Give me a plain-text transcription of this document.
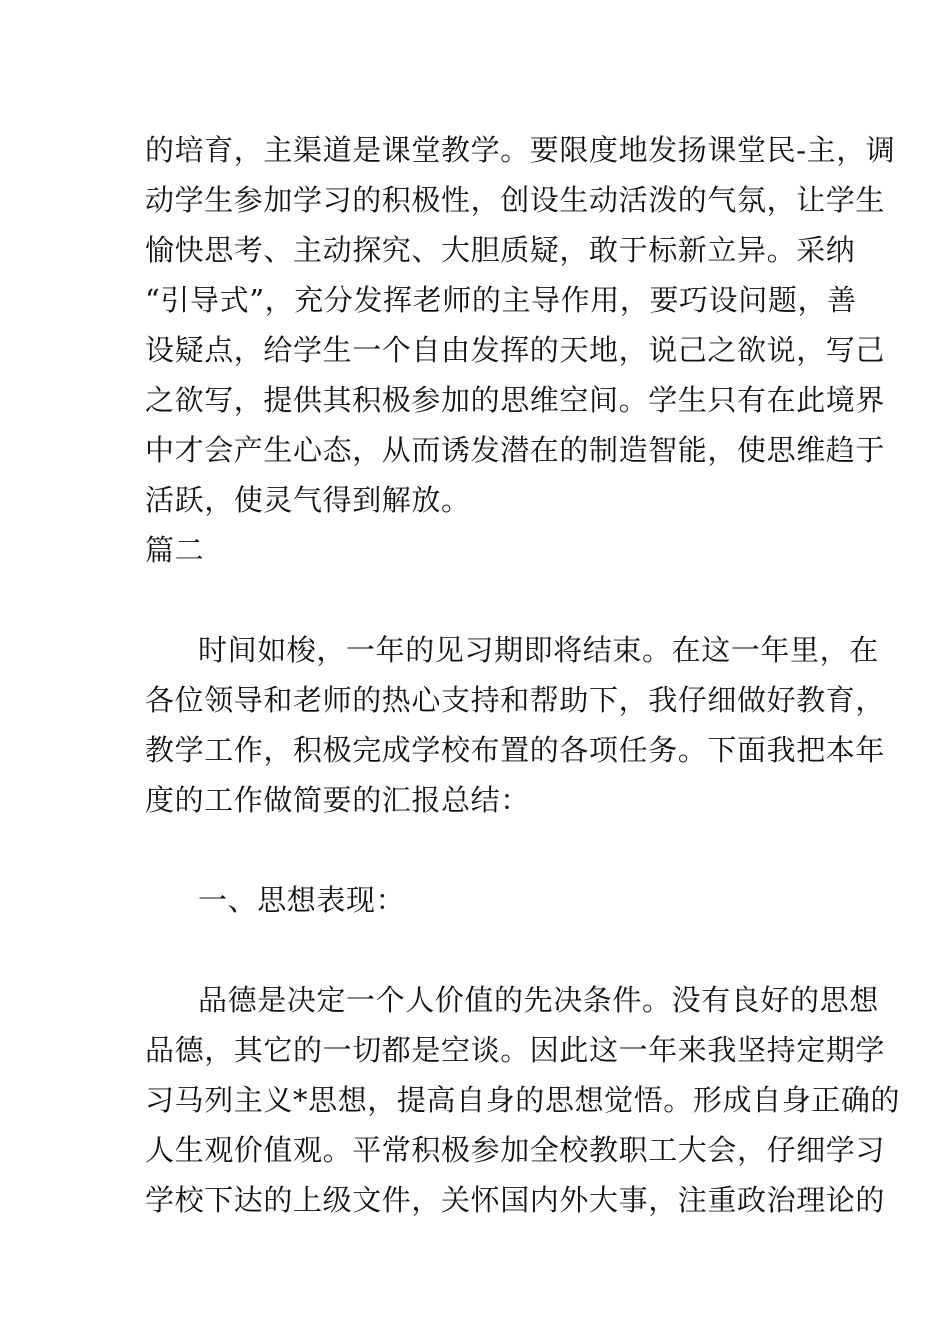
的培育，主渠道是课堂教学。要限度地发扬课堂民-主，调
动学生参加学习的积极性，创设生动活泼的气氛，让学生
愉快思考、主动探究、大胆质疑，敢于标新立异。采纳
“引导式”，充分发挥老师的主导作用，要巧设问题，善
设疑点，给学生一个自由发挥的天地，说己之欲说，写己
之欲写，提供其积极参加的思维空间。学生只有在此境界
中才会产生心态，从而诱发潜在的制造智能，使思维趋于
活跃，使灵气得到解放。
篇二
时间如梭，一年的见习期即将结束。在这一年里，在
各位领导和老师的热心支持和帮助下，我仔细做好教育，
教学工作，积极完成学校布置的各项任务。下面我把本年
度的工作做简要的汇报总结：
一、思想表现：
品德是决定一个人价值的先决条件。没有良好的思想
品德，其它的一切都是空谈。因此这一年来我坚持定期学
习马列主义*思想，提高自身的思想觉悟。形成自身正确的
人生观价值观。平常积极参加全校教职工大会，仔细学习
学校下达的上级文件，关怀国内外大事，注重政治理论的
